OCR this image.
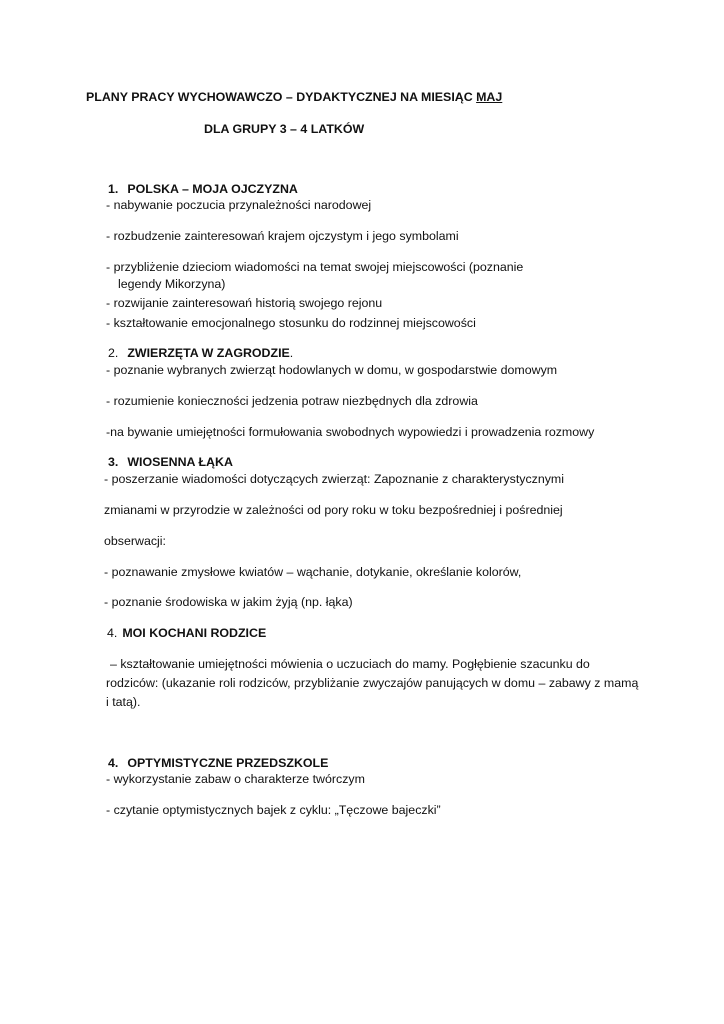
PLANY PRACY WYCHOWAWCZO – DYDAKTYCZNEJ NA MIESIĄC MAJ

DLA GRUPY 3 – 4 LATKÓW

1. POLSKA – MOJA OJCZYZNA

- nabywanie poczucia przynależności narodowej

- rozbudzenie zainteresowań krajem ojczystym i jego symbolami

- przybliżenie dzieciom wiadomości na temat swojej miejscowości (poznanie

legendy Mikorzyna)

- rozwijanie zainteresowań historią swojego rejonu

- kształtowanie emocjonalnego stosunku do rodzinnej miejscowości

2. ZWIERZĘTA W ZAGRODZIE.

- poznanie wybranych zwierząt hodowlanych w domu, w gospodarstwie domowym

- rozumienie konieczności jedzenia potraw niezbędnych dla zdrowia

-na bywanie umiejętności formułowania swobodnych wypowiedzi i prowadzenia rozmowy

3. WIOSENNA ŁĄKA

- poszerzanie wiadomości dotyczących zwierząt: Zapoznanie z charakterystycznymi

zmianami w przyrodzie w zależności od pory roku w toku bezpośredniej i pośredniej

obserwacji:

- poznawanie zmysłowe kwiatów – wąchanie, dotykanie, określanie kolorów,

- poznanie środowiska w jakim żyją (np. łąka)

4. MOI KOCHANI RODZICE

– kształtowanie umiejętności mówienia o uczuciach do mamy. Pogłębienie szacunku do

rodziców: (ukazanie roli rodziców, przybliżanie zwyczajów panujących w domu – zabawy z mamą

i tatą).

4. OPTYMISTYCZNE PRZEDSZKOLE

- wykorzystanie zabaw o charakterze twórczym

- czytanie optymistycznych bajek z cyklu: „Tęczowe bajeczki”
